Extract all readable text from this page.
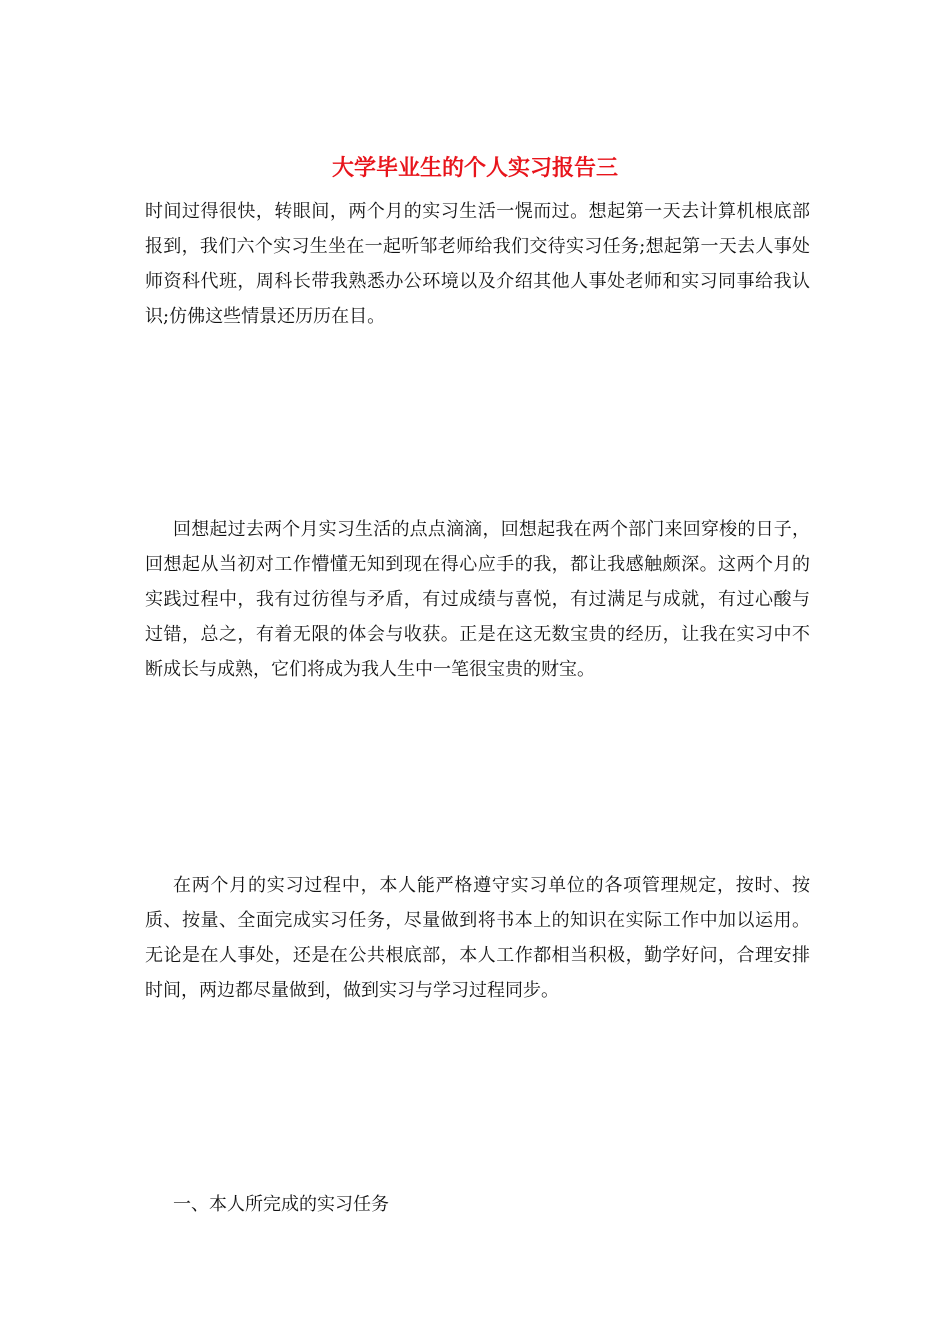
大学毕业生的个人实习报告三

时间过得很快，转眼间，两个月的实习生活一愰而过。想起第一天去计算机根底部报到，我们六个实习生坐在一起听邹老师给我们交待实习任务;想起第一天去人事处师资科代班，周科长带我熟悉办公环境以及介绍其他人事处老师和实习同事给我认识;仿佛这些情景还历历在目。

回想起过去两个月实习生活的点点滴滴，回想起我在两个部门来回穿梭的日子，回想起从当初对工作懵懂无知到现在得心应手的我，都让我感触颇深。这两个月的实践过程中，我有过彷徨与矛盾，有过成绩与喜悦，有过满足与成就，有过心酸与过错，总之，有着无限的体会与收获。正是在这无数宝贵的经历，让我在实习中不断成长与成熟，它们将成为我人生中一笔很宝贵的财宝。

在两个月的实习过程中，本人能严格遵守实习单位的各项管理规定，按时、按质、按量、全面完成实习任务，尽量做到将书本上的知识在实际工作中加以运用。无论是在人事处，还是在公共根底部，本人工作都相当积极，勤学好问，合理安排时间，两边都尽量做到，做到实习与学习过程同步。

一、本人所完成的实习任务
